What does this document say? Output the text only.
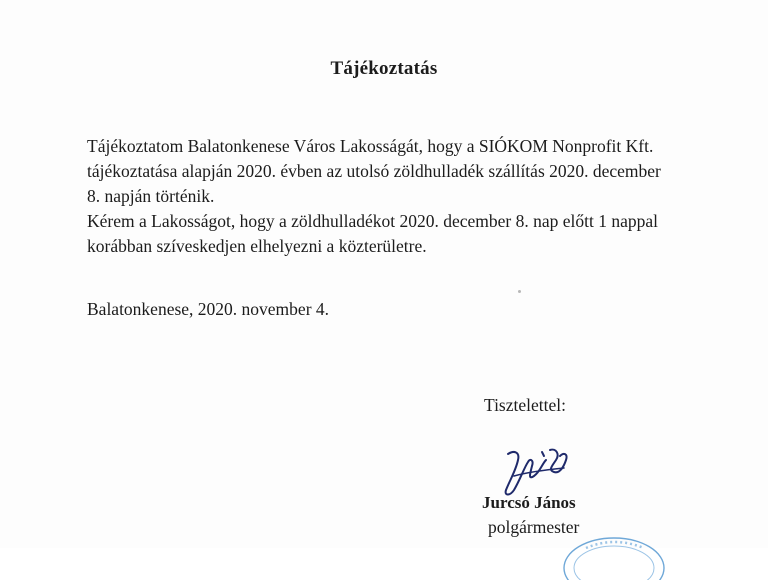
Tájékoztatás

Tájékoztatom Balatonkenese Város Lakosságát, hogy a SIÓKOM Nonprofit Kft.
tájékoztatása alapján 2020. évben az utolsó zöldhulladék szállítás 2020. december
8. napján történik.

Kérem a Lakosságot, hogy a zöldhulladékot 2020. december 8. nap előtt 1 nappal
korábban szíveskedjen elhelyezni a közterületre.

Balatonkenese, 2020. november 4.

Tisztelettel:
Jurcsó János
polgármester
